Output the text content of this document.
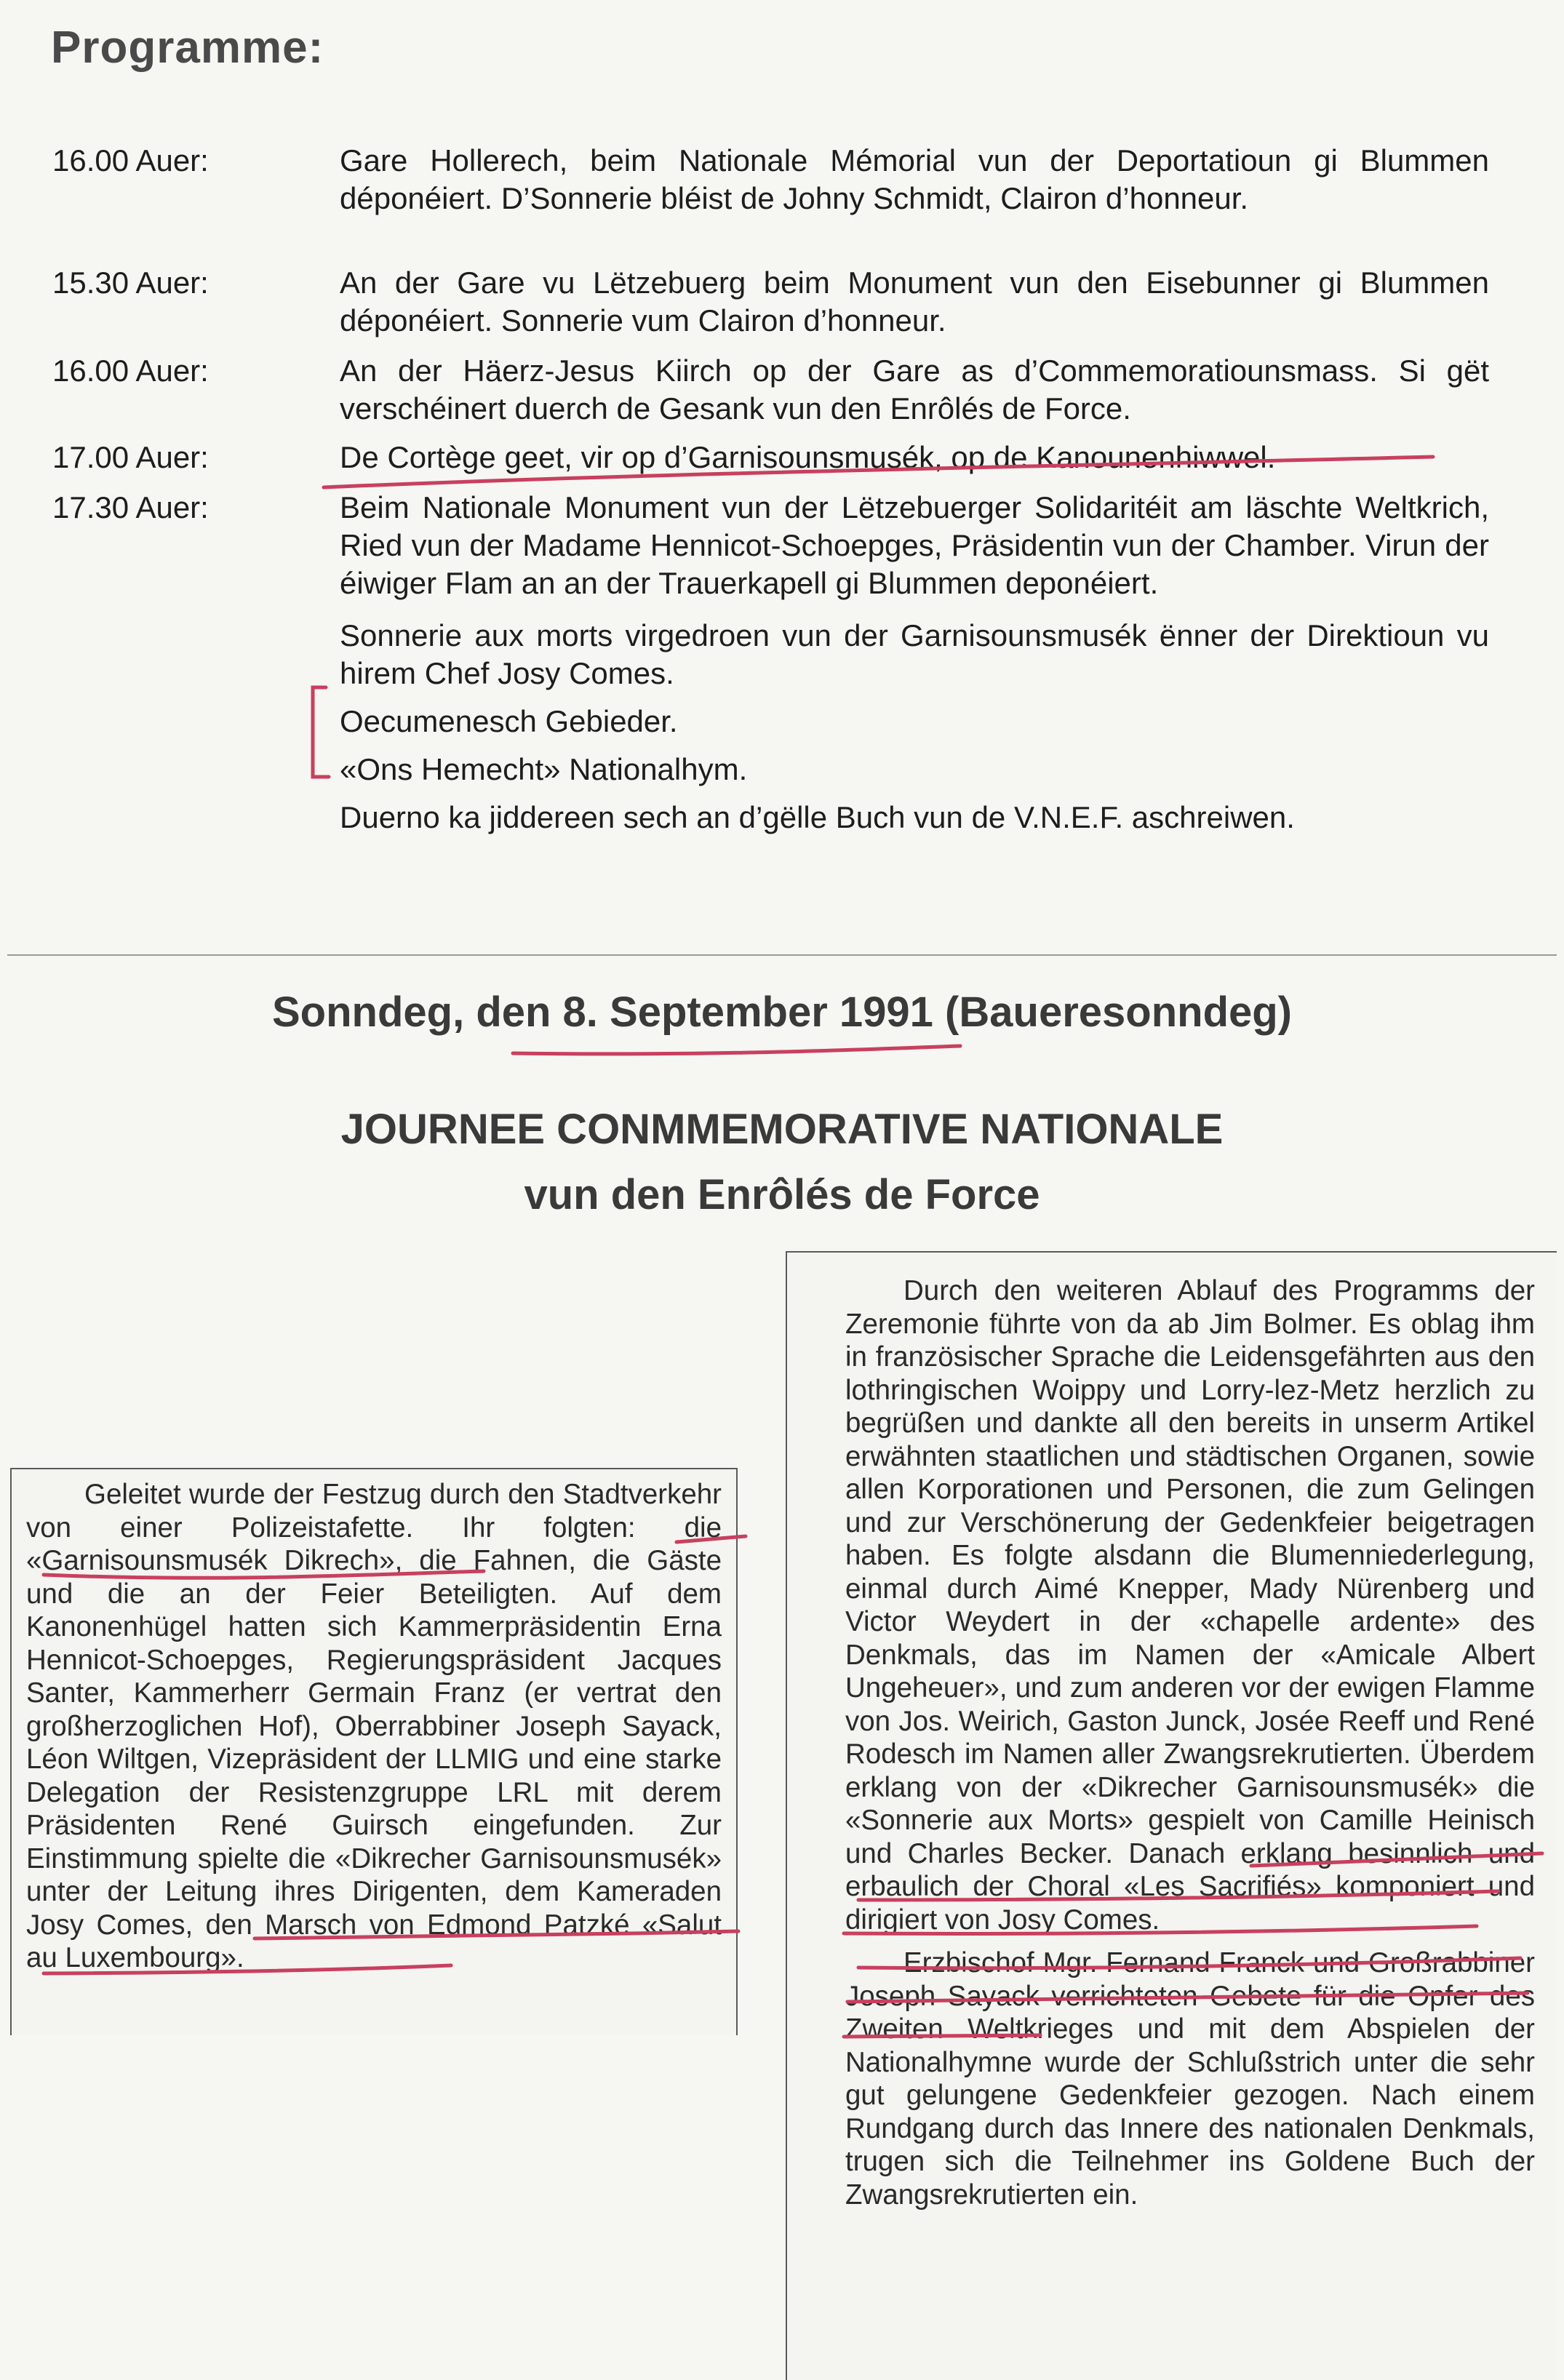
Programme:
16.00 Auer:	Gare Hollerech, beim Nationale Mémorial vun der Deportatioun gi Blummen déponéiert. D’Sonnerie bléist de Johny Schmidt, Clairon d’honneur.

15.30 Auer:	An der Gare vu Lëtzebuerg beim Monument vun den Eisebunner gi Blummen déponéiert. Sonnerie vum Clairon d’honneur.

16.00 Auer:	An der Häerz-Jesus Kiirch op der Gare as d’Commemoratiounsmass. Si gët verschéinert duerch de Gesank vun den Enrôlés de Force.

17.00 Auer:	De Cortège geet, vir op d’Garnisounsmusék, op de Kanounenhiwwel.

17.30 Auer:	Beim Nationale Monument vun der Lëtzebuerger Solidaritéit am läschte Weltkrich, Ried vun der Madame Hennicot-Schoepges, Präsidentin vun der Chamber. Virun der éiwiger Flam an an der Trauerkapell gi Blummen deponéiert.

Sonnerie aux morts virgedroen vun der Garnisounsmusék ënner der Direktioun vu hirem Chef Josy Comes.

Oecumenesch Gebieder.

«Ons Hemecht» Nationalhym.

Duerno ka jiddereen sech an d’gëlle Buch vun de V.N.E.F. aschreiwen.

Sonndeg, den 8. September 1991 (Baueresonndeg)
JOURNEE CONMMEMORATIVE NATIONALE
vun den Enrôlés de Force

Geleitet wurde der Festzug durch den Stadtverkehr von einer Polizeistafette. Ihr folgten: die «Garnisounsmusék Dikrech», die Fahnen, die Gäste und die an der Feier Beteiligten. Auf dem Kanonenhügel hatten sich Kammerpräsidentin Erna Hennicot-Schoepges, Regierungspräsident Jacques Santer, Kammerherr Germain Franz (er vertrat den großherzoglichen Hof), Oberrabbiner Joseph Sayack, Léon Wiltgen, Vizepräsident der LLMIG und eine starke Delegation der Resistenzgruppe LRL mit derem Präsidenten René Guirsch eingefunden. Zur Einstimmung spielte die «Dikrecher Garnisounsmusék» unter der Leitung ihres Dirigenten, dem Kameraden Josy Comes, den Marsch von Edmond Patzké «Salut au Luxembourg».

Durch den weiteren Ablauf des Programms der Zeremonie führte von da ab Jim Bolmer. Es oblag ihm in französischer Sprache die Leidensgefährten aus den lothringischen Woippy und Lorry-lez-Metz herzlich zu begrüßen und dankte all den bereits in unserm Artikel erwähnten staatlichen und städtischen Organen, sowie allen Korporationen und Personen, die zum Gelingen und zur Verschönerung der Gedenkfeier beigetragen haben. Es folgte alsdann die Blumenniederlegung, einmal durch Aimé Knepper, Mady Nürenberg und Victor Weydert in der «chapelle ardente» des Denkmals, das im Namen der «Amicale Albert Ungeheuer», und zum anderen vor der ewigen Flamme von Jos. Weirich, Gaston Junck, Josée Reeff und René Rodesch im Namen aller Zwangsrekrutierten. Überdem erklang von der «Dikrecher Garnisounsmusék» die «Sonnerie aux Morts» gespielt von Camille Heinisch und Charles Becker. Danach erklang besinnlich und erbaulich der Choral «Les Sacrifiés» komponiert und dirigiert von Josy Comes.

Erzbischof Mgr. Fernand Franck und Großrabbiner Joseph Sayack verrichteten Gebete für die Opfer des Zweiten Weltkrieges und mit dem Abspielen der Nationalhymne wurde der Schlußstrich unter die sehr gut gelungene Gedenkfeier gezogen. Nach einem Rundgang durch das Innere des nationalen Denkmals, trugen sich die Teilnehmer ins Goldene Buch der Zwangsrekrutierten ein.
